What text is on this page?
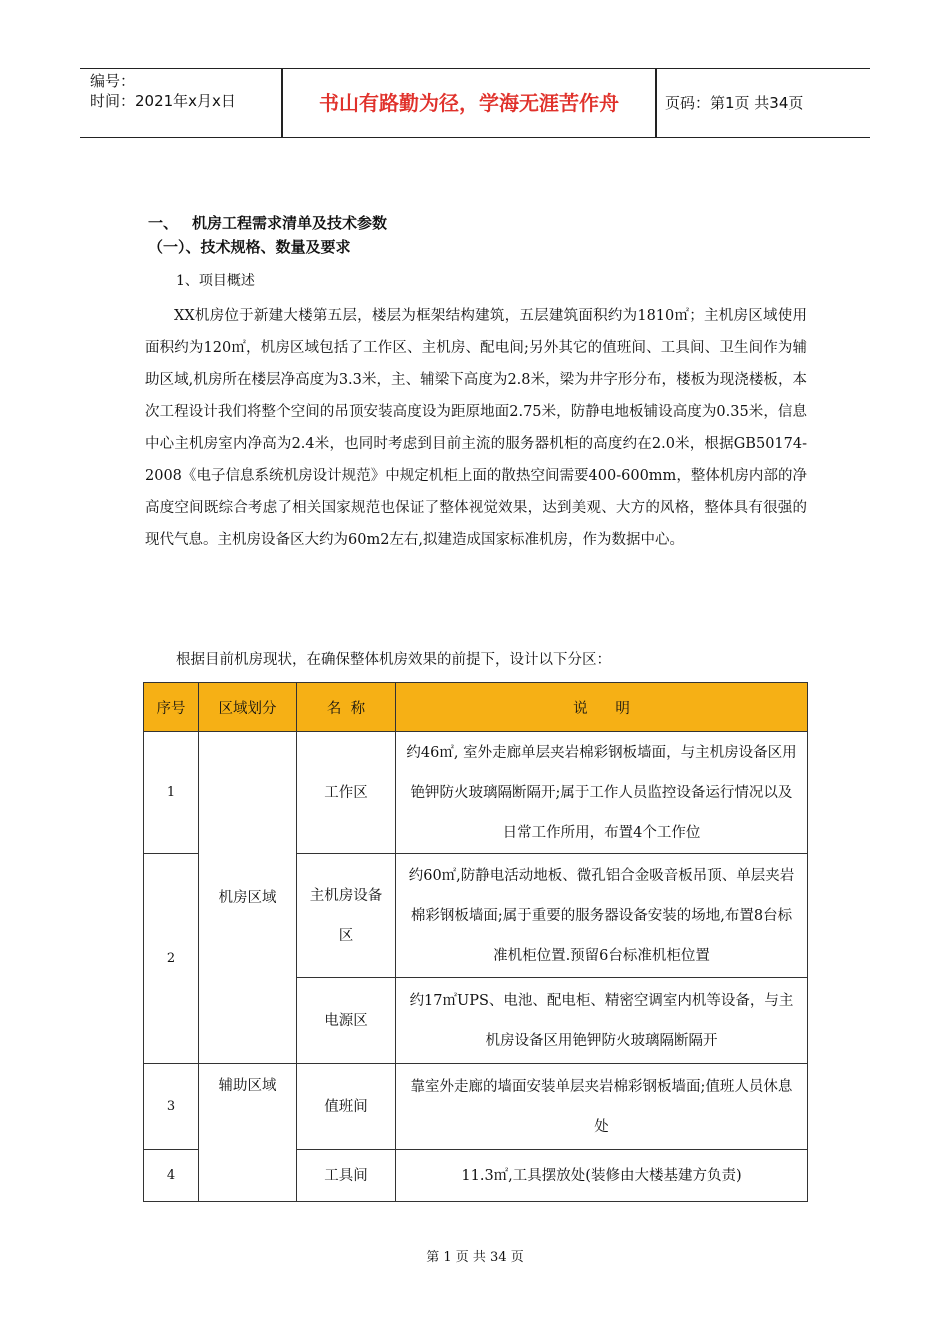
编号：
时间：2021年x月x日	书山有路勤为径，学海无涯苦作舟	页码：第1页 共34页
一、 机房工程需求清单及技术参数
（一）、技术规格、数量及要求
1、项目概述
XX机房位于新建大楼第五层，楼层为框架结构建筑，五层建筑面积约为1810㎡；主机房区域使用面积约为120㎡，机房区域包括了工作区、主机房、配电间;另外其它的值班间、工具间、卫生间作为辅助区域,机房所在楼层净高度为3.3米，主、辅梁下高度为2.8米，梁为井字形分布，楼板为现浇楼板，本次工程设计我们将整个空间的吊顶安装高度设为距原地面2.75米，防静电地板铺设高度为0.35米，信息中心主机房室内净高为2.4米，也同时考虑到目前主流的服务器机柜的高度约在2.0米，根据GB50174-2008《电子信息系统机房设计规范》中规定机柜上面的散热空间需要400-600mm，整体机房内部的净高度空间既综合考虑了相关国家规范也保证了整体视觉效果，达到美观、大方的风格，整体具有很强的现代气息。主机房设备区大约为60m2左右,拟建造成国家标准机房，作为数据中心。
根据目前机房现状，在确保整体机房效果的前提下，设计以下分区：
序号	区域划分	名  称	说      明
1	机房区域	工作区	约46㎡, 室外走廊单层夹岩棉彩钢板墙面，与主机房设备区用铯钾防火玻璃隔断隔开;属于工作人员监控设备运行情况以及日常工作所用，布置4个工作位
2		主机房设备区	约60㎡,防静电活动地板、微孔铝合金吸音板吊顶、单层夹岩棉彩钢板墙面;属于重要的服务器设备安装的场地,布置8台标准机柜位置.预留6台标准机柜位置
		电源区	约17㎡UPS、电池、配电柜、精密空调室内机等设备，与主机房设备区用铯钾防火玻璃隔断隔开
3	辅助区域	值班间	靠室外走廊的墙面安装单层夹岩棉彩钢板墙面;值班人员休息处
4		工具间	11.3㎡,工具摆放处(装修由大楼基建方负责)
第 1 页 共 34 页
